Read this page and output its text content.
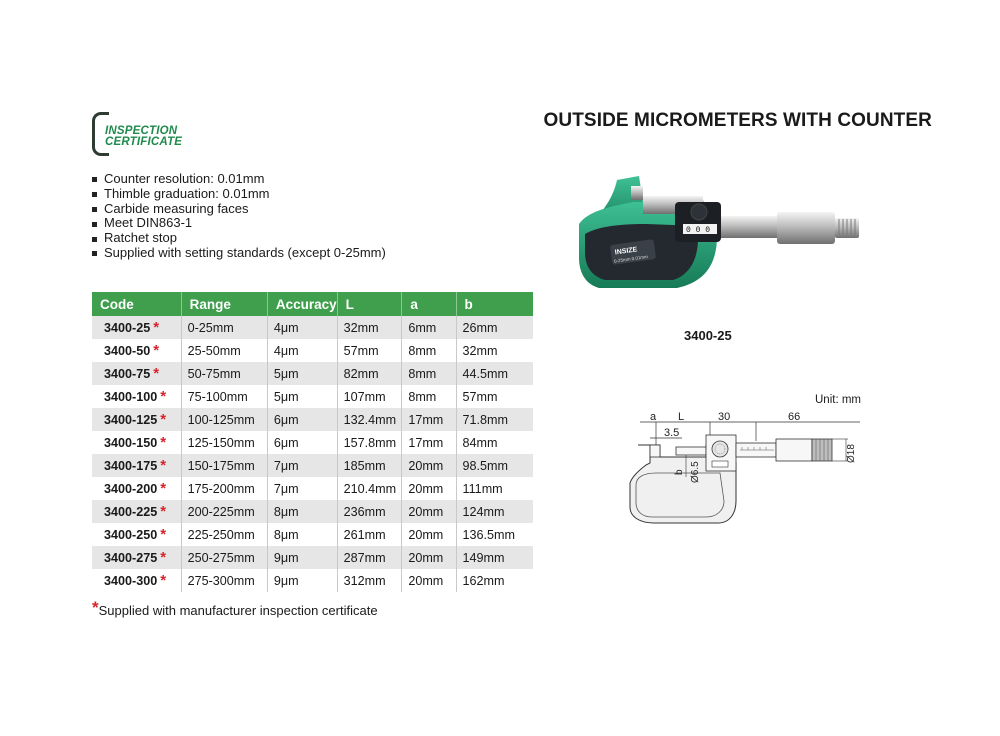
INSPECTION
CERTIFICATE
OUTSIDE MICROMETERS WITH COUNTER
Counter resolution: 0.01mm
Thimble graduation: 0.01mm
Carbide measuring faces
Meet DIN863-1
Ratchet stop
Supplied with setting standards (except 0-25mm)
Code	Range	Accuracy	L	a	b
3400-25 *	0-25mm	4μm	32mm	6mm	26mm
3400-50 *	25-50mm	4μm	57mm	8mm	32mm
3400-75 *	50-75mm	5μm	82mm	8mm	44.5mm
3400-100 *	75-100mm	5μm	107mm	8mm	57mm
3400-125 *	100-125mm	6μm	132.4mm	17mm	71.8mm
3400-150 *	125-150mm	6μm	157.8mm	17mm	84mm
3400-175 *	150-175mm	7μm	185mm	20mm	98.5mm
3400-200 *	175-200mm	7μm	210.4mm	20mm	111mm
3400-225 *	200-225mm	8μm	236mm	20mm	124mm
3400-250 *	225-250mm	8μm	261mm	20mm	136.5mm
3400-275 *	250-275mm	9μm	287mm	20mm	149mm
3400-300 *	275-300mm	9μm	312mm	20mm	162mm
*Supplied with manufacturer inspection certificate
INSIZE
0-25mm 0.01mm
0 0 0
3400-25
Unit: mm
a L	30	66
3.5
b Ø6.5
Ø18
